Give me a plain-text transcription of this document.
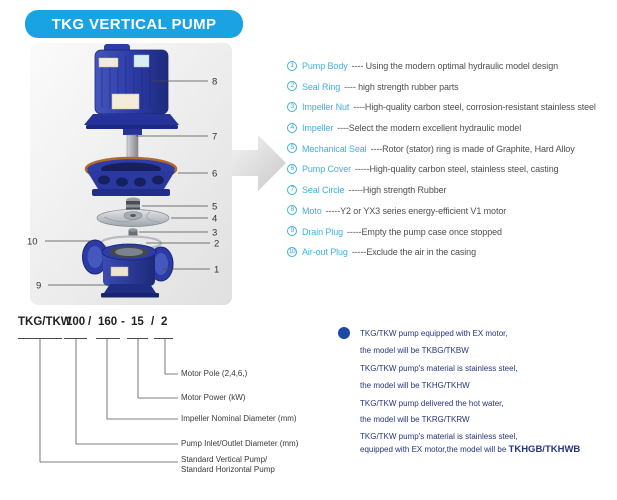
TKG VERTICAL PUMP
8
7
6
5
4
3
2
1
10
9
1 Pump Body ---- Using the modern optimal hydraulic model design
2 Seal Ring ---- high strength rubber parts
3 Impeller Nut ----High-quality carbon steel, corrosion-resistant stainless steel
4 Impeller ----Select the modern excellent hydraulic model
5 Mechanical Seal ----Rotor (stator) ring is made of Graphite, Hard Alloy
6 Pump Cover -----High-quality carbon steel, stainless steel, casting
7 Seal Circle -----High strength Rubber
8 Moto -----Y2 or YX3 series energy-efficient V1 motor
9 Drain Plug -----Empty the pump case once stopped
10 Air-out Plug -----Exclude the air in the casing
TKG/TKW
100 / 160 - 15 / 2
Motor Pole (2,4,6,)
Motor Power (kW)
Impeller Nominal Diameter (mm)
Pump Inlet/Outlet Diameter (mm)
Standard Vertical Pump/
Standard Horizontal Pump
TKG/TKW pump equipped with EX motor,
the model will be TKBG/TKBW
TKG/TKW pump's material is stainless steel,
the model will be TKHG/TKHW
TKG/TKW pump delivered the hot water,
the model will be TKRG/TKRW
TKG/TKW pump's material is stainless steel,
equipped with EX motor,the model will be TKHGB/TKHWB
